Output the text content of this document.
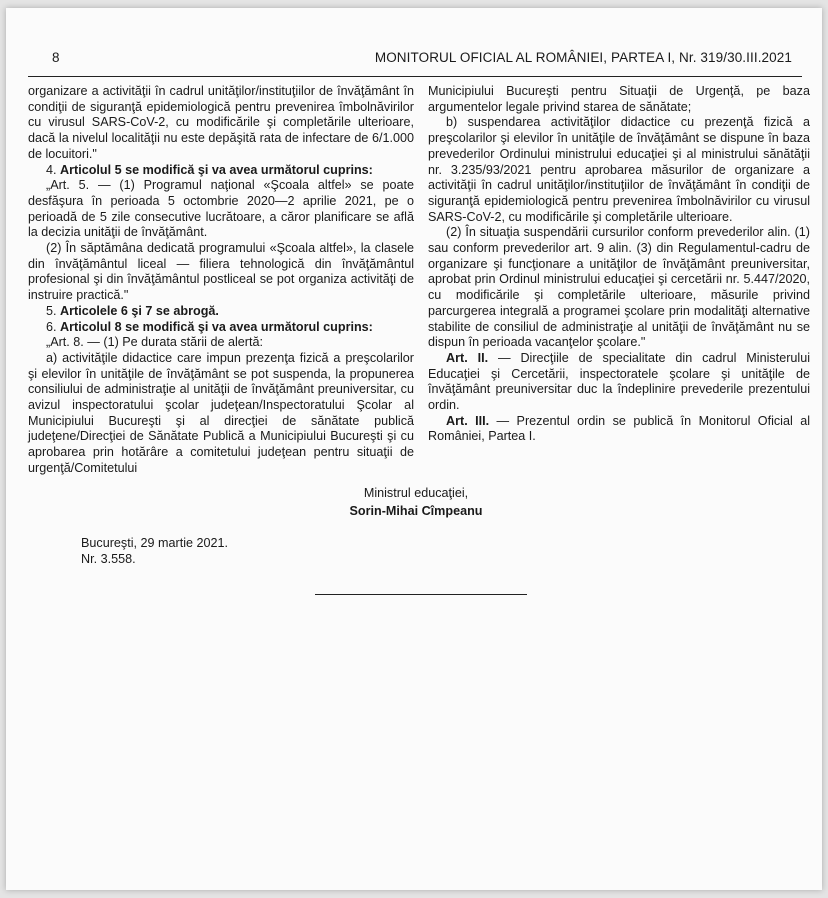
8	MONITORUL OFICIAL AL ROMÂNIEI, PARTEA I, Nr. 319/30.III.2021

organizare a activităţii în cadrul unităţilor/instituţiilor de învăţământ în condiţii de siguranţă epidemiologică pentru prevenirea îmbolnăvirilor cu virusul SARS-CoV-2, cu modificările şi completările ulterioare, dacă la nivelul localităţii nu este depăşită rata de infectare de 6/1.000 de locuitori."

4. Articolul 5 se modifică şi va avea următorul cuprins:

„Art. 5. — (1) Programul naţional «Şcoala altfel» se poate desfăşura în perioada 5 octombrie 2020—2 aprilie 2021, pe o perioadă de 5 zile consecutive lucrătoare, a căror planificare se află la decizia unităţii de învăţământ.

(2) În săptămâna dedicată programului «Şcoala altfel», la clasele din învăţământul liceal — filiera tehnologică din învăţământul profesional şi din învăţământul postliceal se pot organiza activităţi de instruire practică."

5. Articolele 6 şi 7 se abrogă.

6. Articolul 8 se modifică şi va avea următorul cuprins:

„Art. 8. — (1) Pe durata stării de alertă:

a) activităţile didactice care impun prezenţa fizică a preşcolarilor şi elevilor în unităţile de învăţământ se pot suspenda, la propunerea consiliului de administraţie al unităţii de învăţământ preuniversitar, cu avizul inspectoratului şcolar judeţean/Inspectoratului Şcolar al Municipiului Bucureşti şi al direcţiei de sănătate publică judeţene/Direcţiei de Sănătate Publică a Municipiului Bucureşti şi cu aprobarea prin hotărâre a comitetului judeţean pentru situaţii de urgenţă/Comitetului

Municipiului Bucureşti pentru Situaţii de Urgenţă, pe baza argumentelor legale privind starea de sănătate;

b) suspendarea activităţilor didactice cu prezenţă fizică a preşcolarilor şi elevilor în unităţile de învăţământ se dispune în baza prevederilor Ordinului ministrului educaţiei şi al ministrului sănătăţii nr. 3.235/93/2021 pentru aprobarea măsurilor de organizare a activităţii în cadrul unităţilor/instituţiilor de învăţământ în condiţii de siguranţă epidemiologică pentru prevenirea îmbolnăvirilor cu virusul SARS-CoV-2, cu modificările şi completările ulterioare.

(2) În situaţia suspendării cursurilor conform prevederilor alin. (1) sau conform prevederilor art. 9 alin. (3) din Regulamentul-cadru de organizare şi funcţionare a unităţilor de învăţământ preuniversitar, aprobat prin Ordinul ministrului educaţiei şi cercetării nr. 5.447/2020, cu modificările şi completările ulterioare, măsurile privind parcurgerea integrală a programei şcolare prin modalităţi alternative stabilite de consiliul de administraţie al unităţii de învăţământ nu se dispun în perioada vacanţelor şcolare."

Art. II. — Direcţiile de specialitate din cadrul Ministerului Educaţiei şi Cercetării, inspectoratele şcolare şi unităţile de învăţământ preuniversitar duc la îndeplinire prevederile prezentului ordin.

Art. III. — Prezentul ordin se publică în Monitorul Oficial al României, Partea I.

Ministrul educaţiei,
Sorin-Mihai Cîmpeanu
Bucureşti, 29 martie 2021.
Nr. 3.558.
